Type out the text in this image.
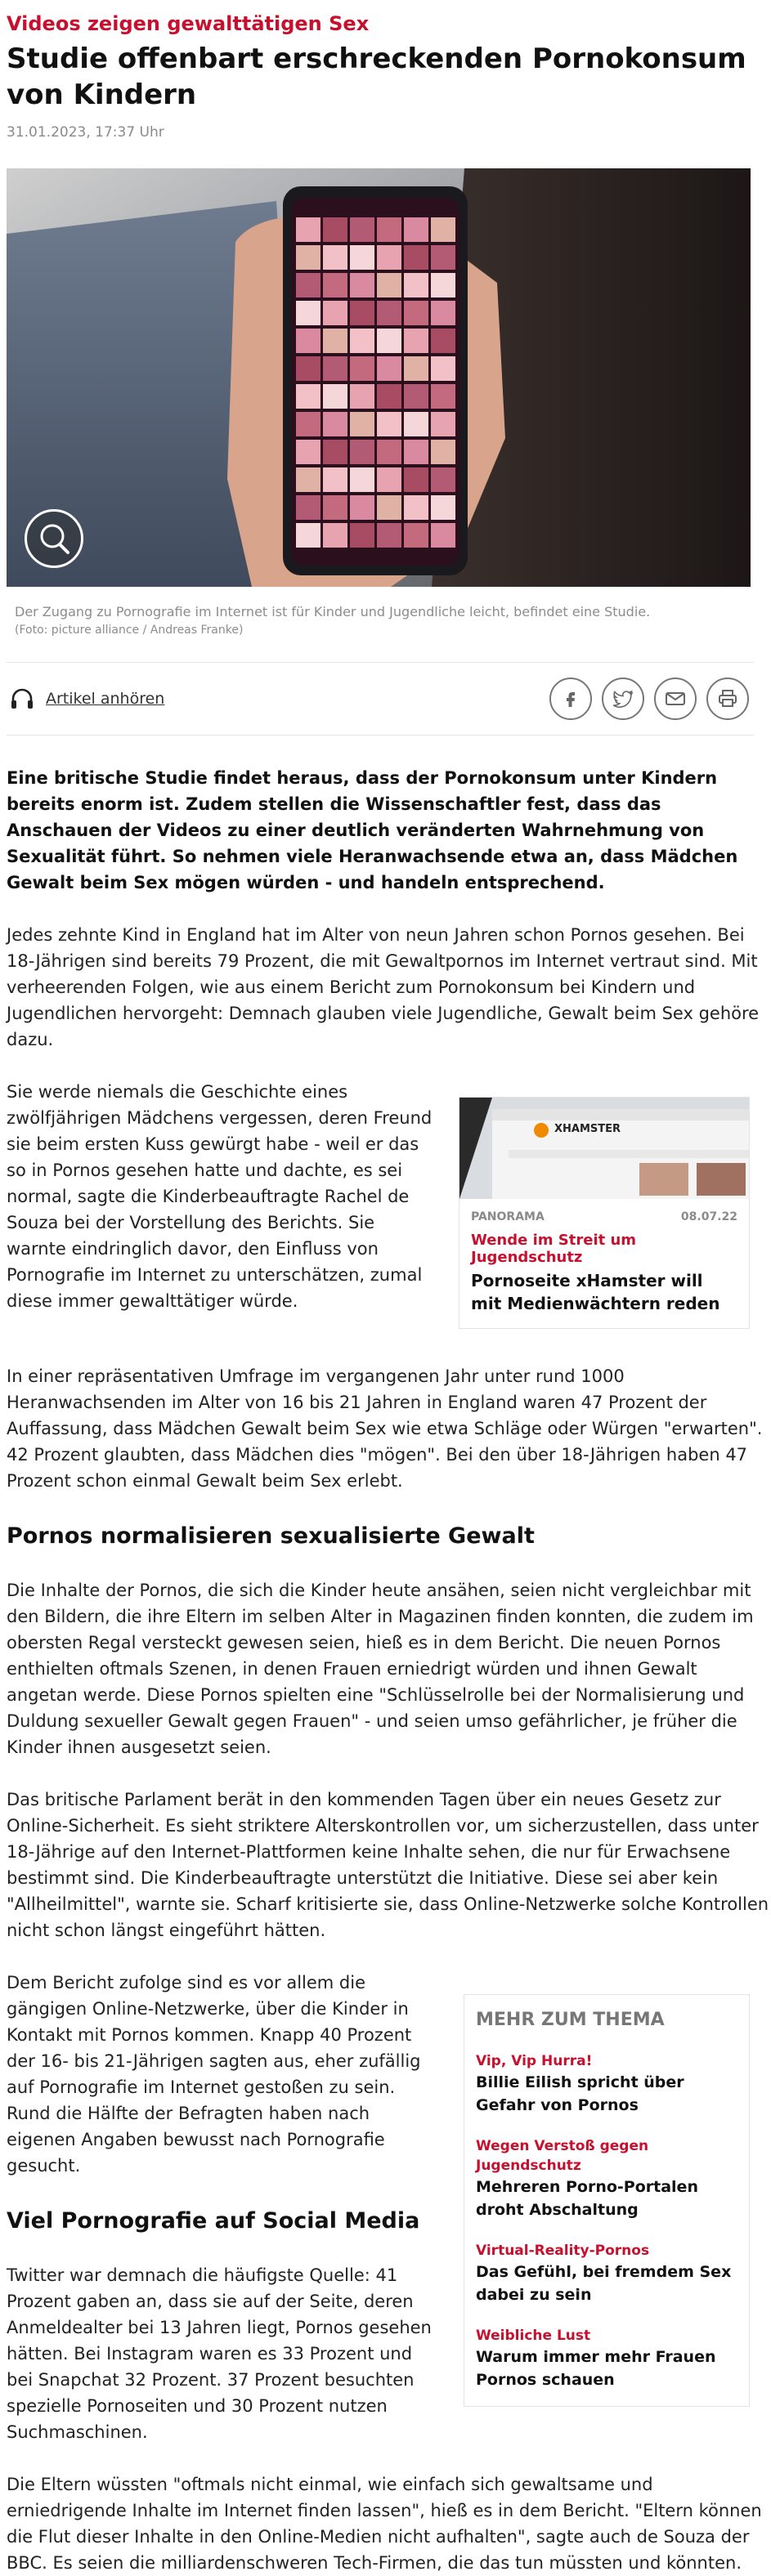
Videos zeigen gewalttätigen Sex
Studie offenbart erschreckenden Pornokonsum von Kindern
31.01.2023, 17:37 Uhr
Der Zugang zu Pornografie im Internet ist für Kinder und Jugendliche leicht, befindet eine Studie.
(Foto: picture alliance / Andreas Franke)
Artikel anhören
Eine britische Studie findet heraus, dass der Pornokonsum unter Kindern bereits enorm ist. Zudem stellen die Wissenschaftler fest, dass das Anschauen der Videos zu einer deutlich veränderten Wahrnehmung von Sexualität führt. So nehmen viele Heranwachsende etwa an, dass Mädchen Gewalt beim Sex mögen würden - und handeln entsprechend.

Jedes zehnte Kind in England hat im Alter von neun Jahren schon Pornos gesehen. Bei 18-Jährigen sind bereits 79 Prozent, die mit Gewaltpornos im Internet vertraut sind. Mit verheerenden Folgen, wie aus einem Bericht zum Pornokonsum bei Kindern und Jugendlichen hervorgeht: Demnach glauben viele Jugendliche, Gewalt beim Sex gehöre dazu.

XHAMSTER
PANORAMA	08.07.22
Wende im Streit um Jugendschutz
Pornoseite xHamster will mit Medienwächtern reden

Sie werde niemals die Geschichte eines zwölfjährigen Mädchens vergessen, deren Freund sie beim ersten Kuss gewürgt habe - weil er das so in Pornos gesehen hatte und dachte, es sei normal, sagte die Kinderbeauftragte Rachel de Souza bei der Vorstellung des Berichts. Sie warnte eindringlich davor, den Einfluss von Pornografie im Internet zu unterschätzen, zumal diese immer gewalttätiger würde.

In einer repräsentativen Umfrage im vergangenen Jahr unter rund 1000 Heranwachsenden im Alter von 16 bis 21 Jahren in England waren 47 Prozent der Auffassung, dass Mädchen Gewalt beim Sex wie etwa Schläge oder Würgen "erwarten". 42 Prozent glaubten, dass Mädchen dies "mögen". Bei den über 18-Jährigen haben 47 Prozent schon einmal Gewalt beim Sex erlebt.

Pornos normalisieren sexualisierte Gewalt

Die Inhalte der Pornos, die sich die Kinder heute ansähen, seien nicht vergleichbar mit den Bildern, die ihre Eltern im selben Alter in Magazinen finden konnten, die zudem im obersten Regal versteckt gewesen seien, hieß es in dem Bericht. Die neuen Pornos enthielten oftmals Szenen, in denen Frauen erniedrigt würden und ihnen Gewalt angetan werde. Diese Pornos spielten eine "Schlüsselrolle bei der Normalisierung und Duldung sexueller Gewalt gegen Frauen" - und seien umso gefährlicher, je früher die Kinder ihnen ausgesetzt seien.

Das britische Parlament berät in den kommenden Tagen über ein neues Gesetz zur Online-Sicherheit. Es sieht striktere Alterskontrollen vor, um sicherzustellen, dass unter 18-Jährige auf den Internet-Plattformen keine Inhalte sehen, die nur für Erwachsene bestimmt sind. Die Kinderbeauftragte unterstützt die Initiative. Diese sei aber kein "Allheilmittel", warnte sie. Scharf kritisierte sie, dass Online-Netzwerke solche Kontrollen nicht schon längst eingeführt hätten.

MEHR ZUM THEMA
Vip, Vip Hurra!
Billie Eilish spricht über Gefahr von Pornos
Wegen Verstoß gegen Jugendschutz
Mehreren Porno-Portalen droht Abschaltung
Virtual-Reality-Pornos
Das Gefühl, bei fremdem Sex dabei zu sein
Weibliche Lust
Warum immer mehr Frauen Pornos schauen

Dem Bericht zufolge sind es vor allem die gängigen Online-Netzwerke, über die Kinder in Kontakt mit Pornos kommen. Knapp 40 Prozent der 16- bis 21-Jährigen sagten aus, eher zufällig auf Pornografie im Internet gestoßen zu sein. Rund die Hälfte der Befragten haben nach eigenen Angaben bewusst nach Pornografie gesucht.

Viel Pornografie auf Social Media

Twitter war demnach die häufigste Quelle: 41 Prozent gaben an, dass sie auf der Seite, deren Anmeldealter bei 13 Jahren liegt, Pornos gesehen hätten. Bei Instagram waren es 33 Prozent und bei Snapchat 32 Prozent. 37 Prozent besuchten spezielle Pornoseiten und 30 Prozent nutzen Suchmaschinen.

Die Eltern wüssten "oftmals nicht einmal, wie einfach sich gewaltsame und erniedrigende Inhalte im Internet finden lassen", hieß es in dem Bericht. "Eltern können die Flut dieser Inhalte in den Online-Medien nicht aufhalten", sagte auch de Souza der BBC. Es seien die milliardenschweren Tech-Firmen, die das tun müssten und könnten.
